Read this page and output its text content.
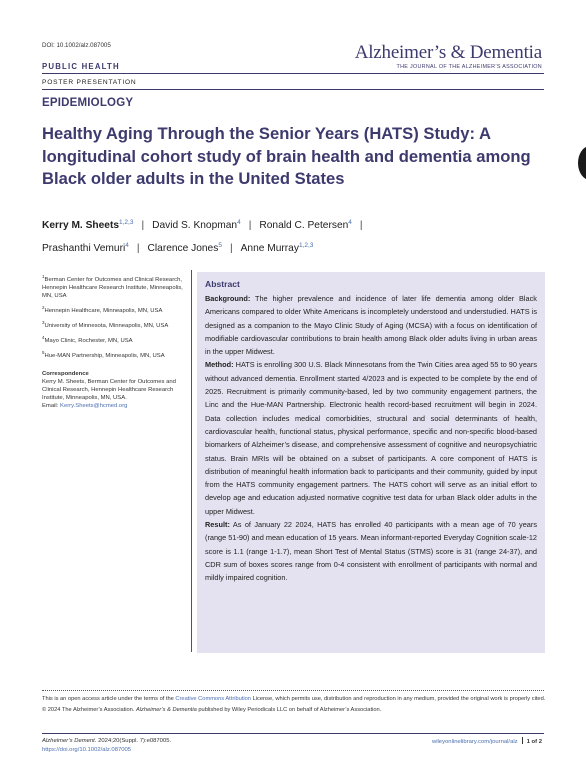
DOI: 10.1002/alz.087005	Alzheimer’s & Dementia
THE JOURNAL OF THE ALZHEIMER’S ASSOCIATION
PUBLIC HEALTH
POSTER PRESENTATION
EPIDEMIOLOGY
Healthy Aging Through the Senior Years (HATS) Study: A longitudinal cohort study of brain health and dementia among Black older adults in the United States
Kerry M. Sheets$^{1,2,3}$ | David S. Knopman$^4$ | Ronald C. Petersen$^4$ |
Prashanthi Vemuri$^4$ | Clarence Jones$^5$ | Anne Murray$^{1,2,3}$

$^1$Berman Center for Outcomes and Clinical Research, Hennepin Healthcare Research Institute, Minneapolis, MN, USA

$^2$Hennepin Healthcare, Minneapolis, MN, USA

$^3$University of Minnesota, Minneapolis, MN, USA

$^4$Mayo Clinic, Rochester, MN, USA

$^5$Hue-MAN Partnership, Minneapolis, MN, USA

Correspondence
Kerry M. Sheets, Berman Center for Outcomes and Clinical Research, Hennepin Healthcare Research Institute, Minneapolis, MN, USA.
Email: Kerry.Sheets@hcmed.org
Abstract

Background: The higher prevalence and incidence of later life dementia among older Black Americans compared to older White Americans is incompletely understood and understudied. HATS is designed as a companion to the Mayo Clinic Study of Aging (MCSA) with a focus on identification of modifiable cardiovascular contributions to brain health among Black older adults living in urban areas in the upper Midwest.

Method: HATS is enrolling 300 U.S. Black Minnesotans from the Twin Cities area aged 55 to 90 years without advanced dementia. Enrollment started 4/2023 and is expected to be complete by the end of 2025. Recruitment is primarily community-based, led by two community engagement partners, the Linc and the Hue-MAN Partnership. Electronic health record-based recruitment will begin in 2024. Data collection includes medical comorbidities, structural and social determinants of health, cardiovascular health, functional status, physical performance, specific and non-specific blood-based biomarkers of Alzheimer’s disease, and comprehensive assessment of cognitive and neuropsychiatric status. Brain MRIs will be obtained on a subset of participants. A core component of HATS is distribution of meaningful health information back to participants and their community, guided by input from the HATS community engagement partners. The HATS cohort will serve as an initial effort to develop age and education adjusted normative cognitive test data for urban Black older adults in the upper Midwest.

Result: As of January 22 2024, HATS has enrolled 40 participants with a mean age of 70 years (range 51-90) and mean education of 15 years. Mean informant-reported Everyday Cognition scale-12 score is 1.1 (range 1-1.7), mean Short Test of Mental Status (STMS) score is 31 (range 24-37), and CDR sum of boxes scores range from 0-4 consistent with enrollment of participants with normal and mildly impaired cognition.

This is an open access article under the terms of the Creative Commons Attribution License, which permits use, distribution and reproduction in any medium, provided the original work is properly cited.

© 2024 The Alzheimer’s Association. Alzheimer’s & Dementia published by Wiley Periodicals LLC on behalf of Alzheimer’s Association.

Alzheimer’s Dement. 2024;20(Suppl. 7):e087005.
https://doi.org/10.1002/alz.087005
wileyonlinelibrary.com/journal/alz 1 of 2
